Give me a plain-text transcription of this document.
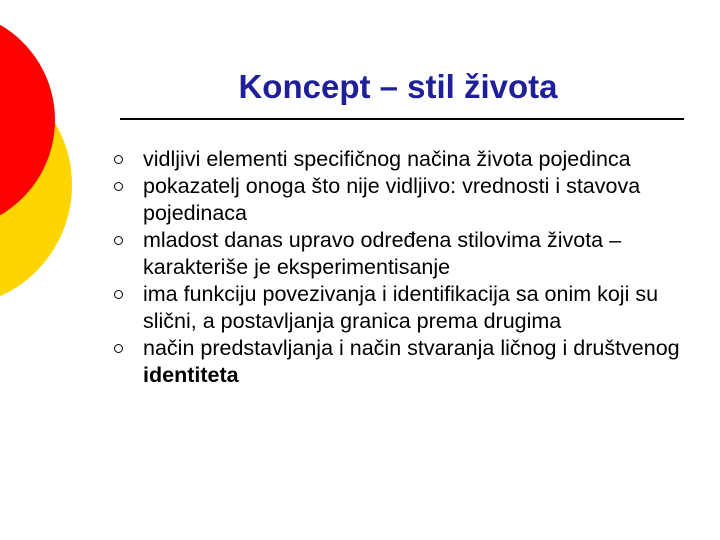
Koncept – stil života
vidljivi elementi specifičnog načina života pojedinca
pokazatelj onoga što nije vidljivo: vrednosti i stavova pojedinaca
mladost danas upravo određena stilovima života – karakteriše je eksperimentisanje
ima funkciju povezivanja i identifikacija sa onim koji su slični, a postavljanja granica prema drugima
način predstavljanja i način stvaranja ličnog i društvenog identiteta
